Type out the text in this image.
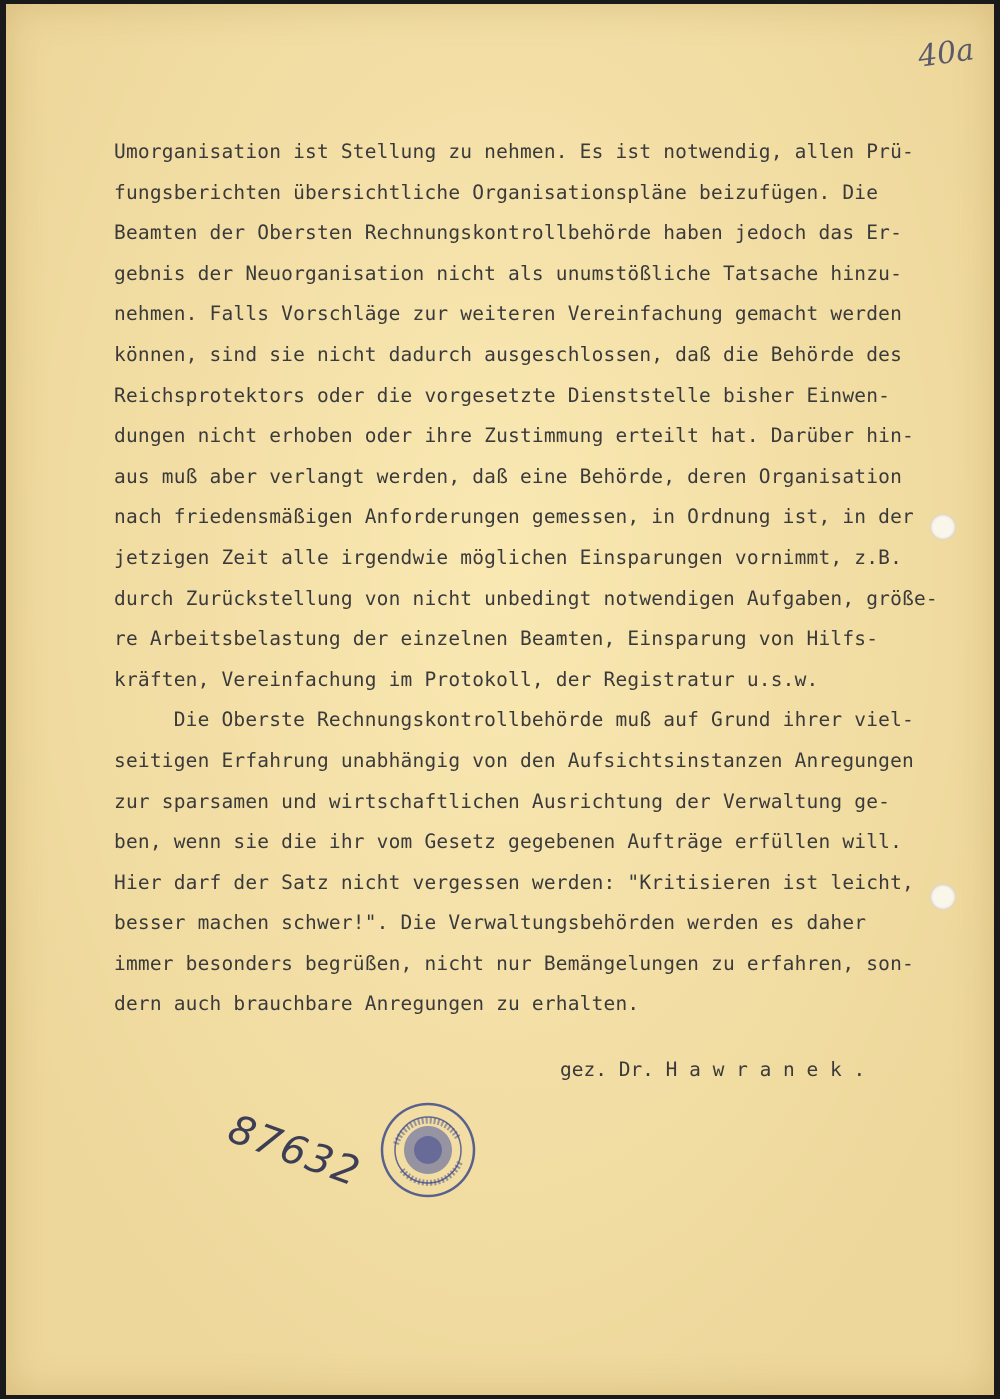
40a
Umorganisation ist Stellung zu nehmen. Es ist notwendig, allen Prü-
fungsberichten übersichtliche Organisationspläne beizufügen. Die
Beamten der Obersten Rechnungskontrollbehörde haben jedoch das Er-
gebnis der Neuorganisation nicht als unumstößliche Tatsache hinzu-
nehmen. Falls Vorschläge zur weiteren Vereinfachung gemacht werden
können, sind sie nicht dadurch ausgeschlossen, daß die Behörde des
Reichsprotektors oder die vorgesetzte Dienststelle bisher Einwen-
dungen nicht erhoben oder ihre Zustimmung erteilt hat. Darüber hin-
aus muß aber verlangt werden, daß eine Behörde, deren Organisation
nach friedensmäßigen Anforderungen gemessen, in Ordnung ist, in der
jetzigen Zeit alle irgendwie möglichen Einsparungen vornimmt, z.B.
durch Zurückstellung von nicht unbedingt notwendigen Aufgaben, größe-
re Arbeitsbelastung der einzelnen Beamten, Einsparung von Hilfs-
kräften, Vereinfachung im Protokoll, der Registratur u.s.w.
Die Oberste Rechnungskontrollbehörde muß auf Grund ihrer viel-
seitigen Erfahrung unabhängig von den Aufsichtsinstanzen Anregungen
zur sparsamen und wirtschaftlichen Ausrichtung der Verwaltung ge-
ben, wenn sie die ihr vom Gesetz gegebenen Aufträge erfüllen will.
Hier darf der Satz nicht vergessen werden: "Kritisieren ist leicht,
besser machen schwer!". Die Verwaltungsbehörden werden es daher
immer besonders begrüßen, nicht nur Bemängelungen zu erfahren, son-
dern auch brauchbare Anregungen zu erhalten.
gez. Dr. H a w r a n e k .
87632
